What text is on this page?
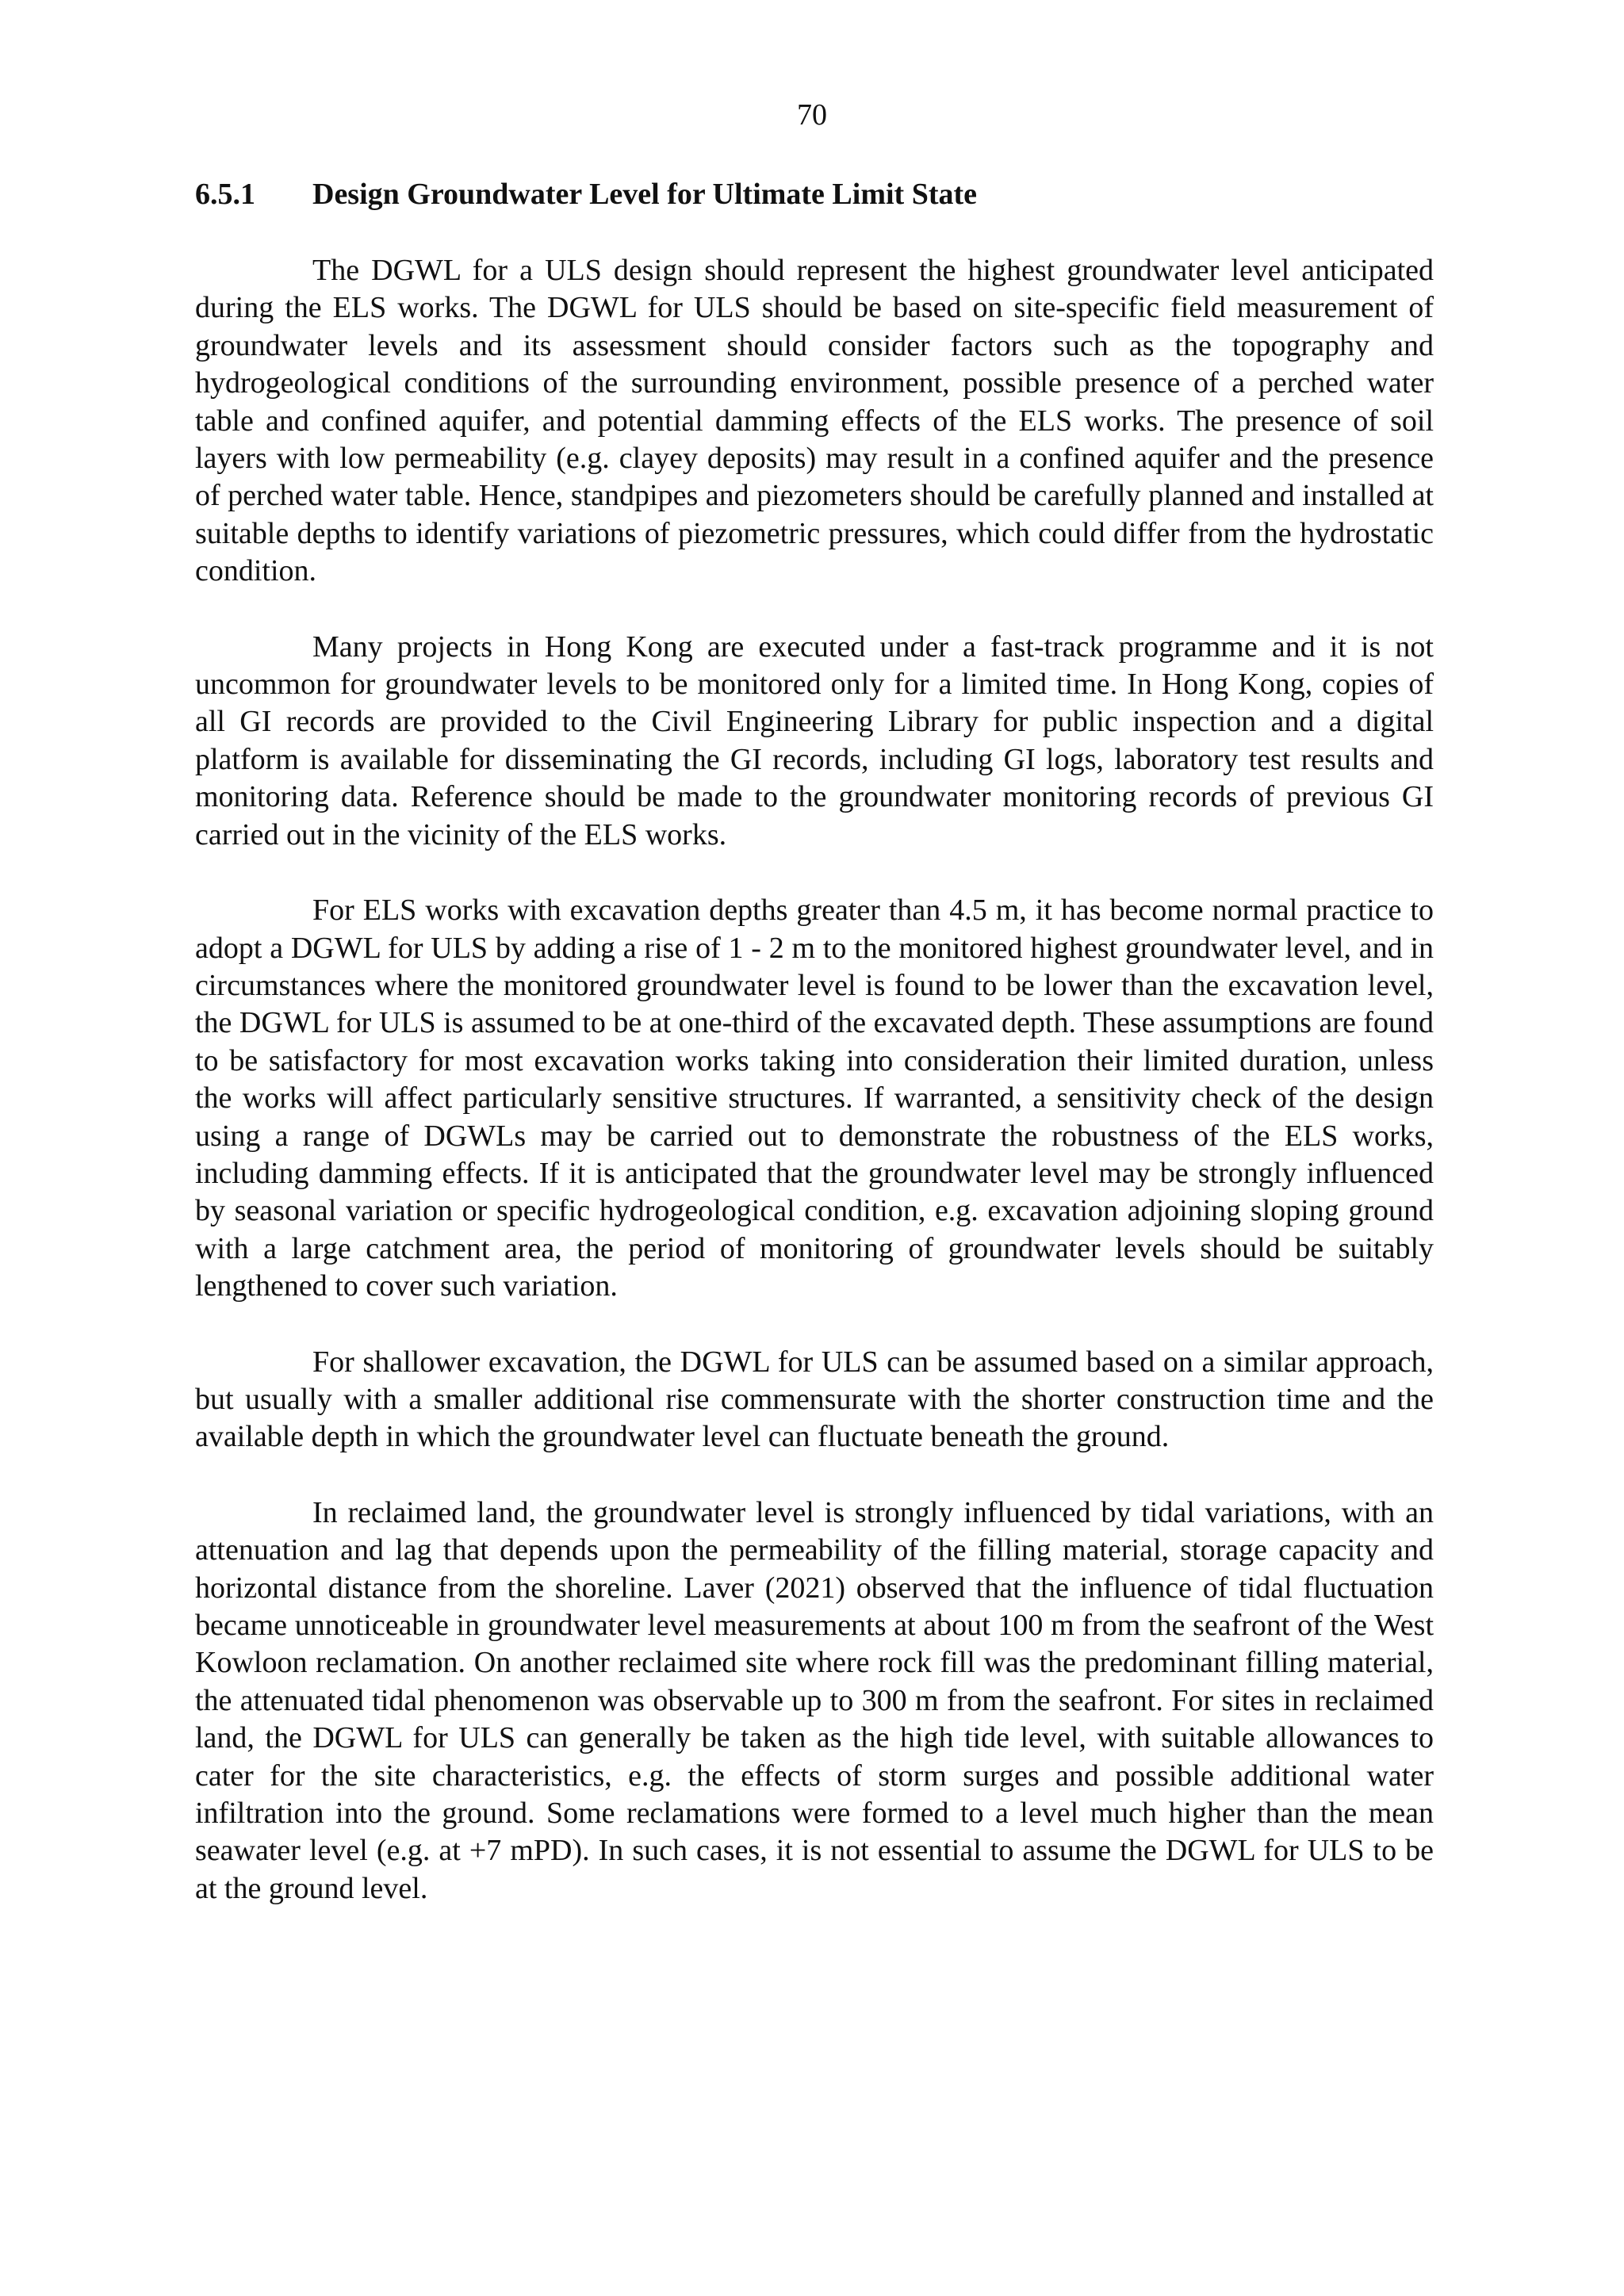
70
6.5.1 Design Groundwater Level for Ultimate Limit State

The DGWL for a ULS design should represent the highest groundwater level anticipated during the ELS works. The DGWL for ULS should be based on site-specific field measurement of groundwater levels and its assessment should consider factors such as the topography and hydrogeological conditions of the surrounding environment, possible presence of a perched water table and confined aquifer, and potential damming effects of the ELS works. The presence of soil layers with low permeability (e.g. clayey deposits) may result in a confined aquifer and the presence of perched water table. Hence, standpipes and piezometers should be carefully planned and installed at suitable depths to identify variations of piezometric pressures, which could differ from the hydrostatic condition.

Many projects in Hong Kong are executed under a fast-track programme and it is not uncommon for groundwater levels to be monitored only for a limited time. In Hong Kong, copies of all GI records are provided to the Civil Engineering Library for public inspection and a digital platform is available for disseminating the GI records, including GI logs, laboratory test results and monitoring data. Reference should be made to the groundwater monitoring records of previous GI carried out in the vicinity of the ELS works.

For ELS works with excavation depths greater than 4.5 m, it has become normal practice to adopt a DGWL for ULS by adding a rise of 1 - 2 m to the monitored highest groundwater level, and in circumstances where the monitored groundwater level is found to be lower than the excavation level, the DGWL for ULS is assumed to be at one-third of the excavated depth. These assumptions are found to be satisfactory for most excavation works taking into consideration their limited duration, unless the works will affect particularly sensitive structures. If warranted, a sensitivity check of the design using a range of DGWLs may be carried out to demonstrate the robustness of the ELS works, including damming effects. If it is anticipated that the groundwater level may be strongly influenced by seasonal variation or specific hydrogeological condition, e.g. excavation adjoining sloping ground with a large catchment area, the period of monitoring of groundwater levels should be suitably lengthened to cover such variation.

For shallower excavation, the DGWL for ULS can be assumed based on a similar approach, but usually with a smaller additional rise commensurate with the shorter construction time and the available depth in which the groundwater level can fluctuate beneath the ground.

In reclaimed land, the groundwater level is strongly influenced by tidal variations, with an attenuation and lag that depends upon the permeability of the filling material, storage capacity and horizontal distance from the shoreline. Laver (2021) observed that the influence of tidal fluctuation became unnoticeable in groundwater level measurements at about 100 m from the seafront of the West Kowloon reclamation. On another reclaimed site where rock fill was the predominant filling material, the attenuated tidal phenomenon was observable up to 300 m from the seafront. For sites in reclaimed land, the DGWL for ULS can generally be taken as the high tide level, with suitable allowances to cater for the site characteristics, e.g. the effects of storm surges and possible additional water infiltration into the ground. Some reclamations were formed to a level much higher than the mean seawater level (e.g. at +7 mPD). In such cases, it is not essential to assume the DGWL for ULS to be at the ground level.
